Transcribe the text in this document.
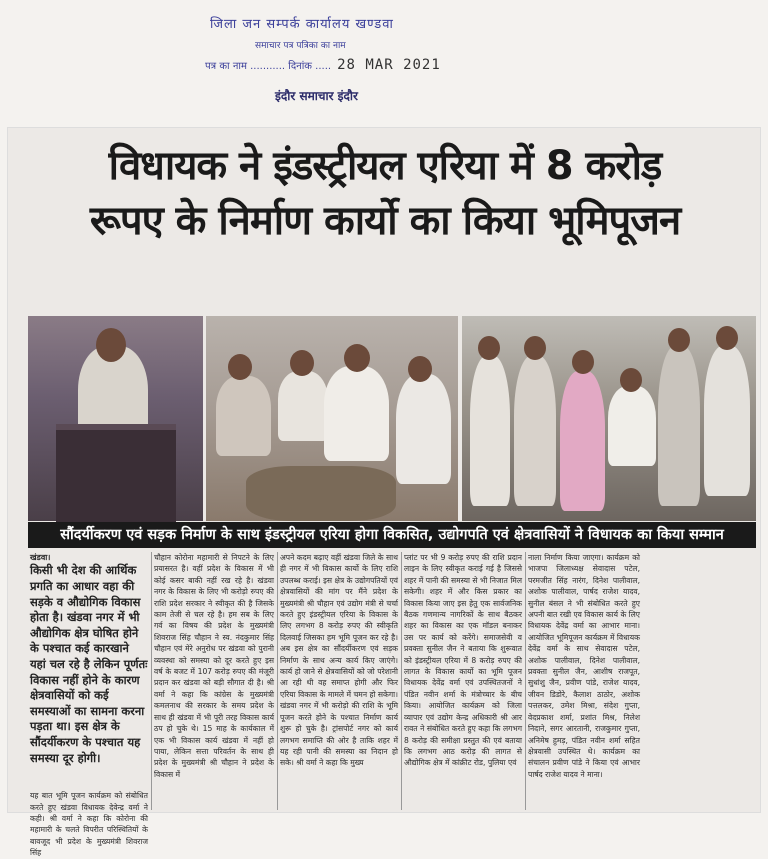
जिला जन सम्पर्क कार्यालय खण्डवा
समाचार पत्र पत्रिका का नाम
पत्र का नाम ........... दिनांक ..... 28 MAR 2021
इंदौर समाचार इंदौर
विधायक ने इंडस्ट्रीयल एरिया में 8 करोड़
रूपए के निर्माण कार्यो का किया भूमिपूजन
सौंदर्यीकरण एवं सड़क निर्माण के साथ इंडस्ट्रीयल एरिया होगा विकसित, उद्योगपति एवं क्षेत्रवासियों ने विधायक का किया सम्मान
खंडवा।
किसी भी देश की आर्थिक प्रगति का आधार वहा की सड़के व औद्योगिक विकास होता है। खंडवा नगर में भी औद्योगिक क्षेत्र घोषित होने के पश्चात कई कारखाने यहां चल रहे है लेकिन पूर्णतः विकास नहीं होने के कारण क्षेत्रवासियों को कई समस्याओं का सामना करना पड़ता था। इस क्षेत्र के सौंदर्यीकरण के पश्चात यह समस्या दूर होगी।
यह बात भूमि पूजन कार्यक्रम को संबोधित करते हुए खंडवा विधायक देवेन्द्र वर्मा ने कही। श्री वर्मा ने कहा कि कोरोना की महामारी के चलते विपरीत परिस्थितियों के बावजूद भी प्रदेश के मुख्यमंत्री शिवराज सिंह
चौहान कोरोना महामारी से निपटने के लिए प्रयासरत है। वहीं प्रदेश के विकास में भी कोई कसर बाकी नहीं रख रहे है। खंडवा नगर के विकास के लिए भी करोड़ो रुपए की राशि प्रदेश सरकार ने स्वीकृत की है जिसके काम तेजी से चल रहे है। हम सब के लिए गर्व का विषय की प्रदेश के मुख्यमंत्री शिवराज सिंह चौहान ने स्व. नंदकुमार सिंह चौहान एवं मेरे अनुरोध पर खंडवा को पुरानी व्यवस्था को समस्या को दूर करते हुए इस वर्ष के बजट में 107 करोड़ रुपए की मंजूरी प्रदान कर खंडवा को बड़ी सौगात दी है। श्री वर्मा ने कहा कि कांग्रेस के मुख्यमंत्री कमलनाथ की सरकार के समय प्रदेश के साथ ही खंडवा में भी पूरी तरह विकास कार्य ठप हो चुके थे। 15 माह के कार्यकाल में एक भी विकास कार्य खंडवा में नहीं हो पाया, लेकिन सत्ता परिवर्तन के साथ ही प्रदेश के मुख्यमंत्री श्री चौहान ने प्रदेश के विकास में
अपने कदम बढ़ाए वहीं खंडवा जिले के साथ ही नगर में भी विकास कार्यो के लिए राशि उपलब्ध कराई। इस क्षेत्र के उद्योगपतियों एवं क्षेत्रवासियों की मांग पर मैंने प्रदेश के मुख्यमंत्री श्री चौहान एवं उद्योग मंत्री से चर्चा करते हुए इंडस्ट्रीयल एरिया के विकास के लिए लगभग 8 करोड़ रुपए की स्वीकृति दिलवाई जिसका हम भूमि पूजन कर रहे है। अब इस क्षेत्र का सौंदर्यीकरण एवं सड़क निर्माण के साथ अन्य कार्य किए जाएंगे। कार्य हो जाने से क्षेत्रवासियों को जो परेशानी आ रही थी वह समाप्त होगी और फिर एरिया विकास के मामले में चमन हो सकेगा। खंडवा नगर में भी करोड़ो की राशि के भूमि पूजन करते होने के पश्चात निर्माण कार्य शुरू हो चुके है। ट्रांसपोर्ट नगर को कार्य लगभग समाप्ति की ओर है ताकि शहर में यह रही पानी की समस्या का निदान हो सके। श्री वर्मा ने कहा कि मुख्य
प्लांट पर भी 9 करोड़ रुपए की राशि प्रदान लाइन के लिए स्वीकृत कराई गई है जिससे शहर में पानी की समस्या से भी निजात मिल सकेगी। शहर में और किस प्रकार का विकास किया जाए इस हेतु एक सार्वजनिक बैठक गणमान्य नागरिकों के साथ बैठकर शहर का विकास का एक मॉडल बनाकर उस पर कार्य को करेंगे। समाजसेवी व प्रवक्ता सुनील जैन ने बताया कि शुरूवात को इंडस्ट्रीयल एरिया में 8 करोड़ रुपए की लागत के विकास कार्यो का भूमि पूजन विधायक देवेंद्र वर्मा एवं उपस्थितजनों ने पंडित नवीन शर्मा के मंत्रोच्चार के बीच किया। आयोजित कार्यक्रम को जिला व्यापार एवं उद्योग केन्द्र अधिकारी श्री आर रावत ने संबोधित करते हुए कहा कि लगभग 8 करोड़ की समीक्षा प्रस्तुत की एवं बताया कि लगभग आठ करोड़ की लागत से औद्योगिक क्षेत्र में कांक्रीट रोड, पुलिया एवं
नाला निर्माण किया जाएगा। कार्यक्रम को भाजपा जिलाध्यक्ष सेवादास पटेल, परमजीत सिंह नारंग, दिनेश पालीवाल, अशोक पालीवाल, पार्षद राजेश यादव, सुनील बंसल ने भी संबोधित करते हुए अपनी बात रखी एव विकास कार्य के लिए विधायक देवेंद्र वर्मा का आभार माना। आयोजित भूमिपूजन कार्यक्रम में विधायक देवेंद्र वर्मा के साथ सेवादास पटेल, अशोक पालीवाल, दिनेश पालीवाल, प्रवक्ता सुनील जैन, आशीष राजपूत, सुधांशु जैन, प्रवीण पांडे, राजेश यादव, जीवन डिडोरे, कैलाश ठाठोर, अशोक पत्तलकर, उमेश मिश्रा, संदेश गुप्ता, वेदप्रकाश शर्मा, प्रशांत मिश्र, निलेश निदाने, सगर आरतानी, राजकुमार गुप्ता, अनिमेष हुमड़, पंडित नवीन शर्मा सहित क्षेत्रवासी उपस्थित थे। कार्यक्रम का संचालन प्रवीण पांडे ने किया एवं आभार पार्षद राजेश यादव ने माना।
